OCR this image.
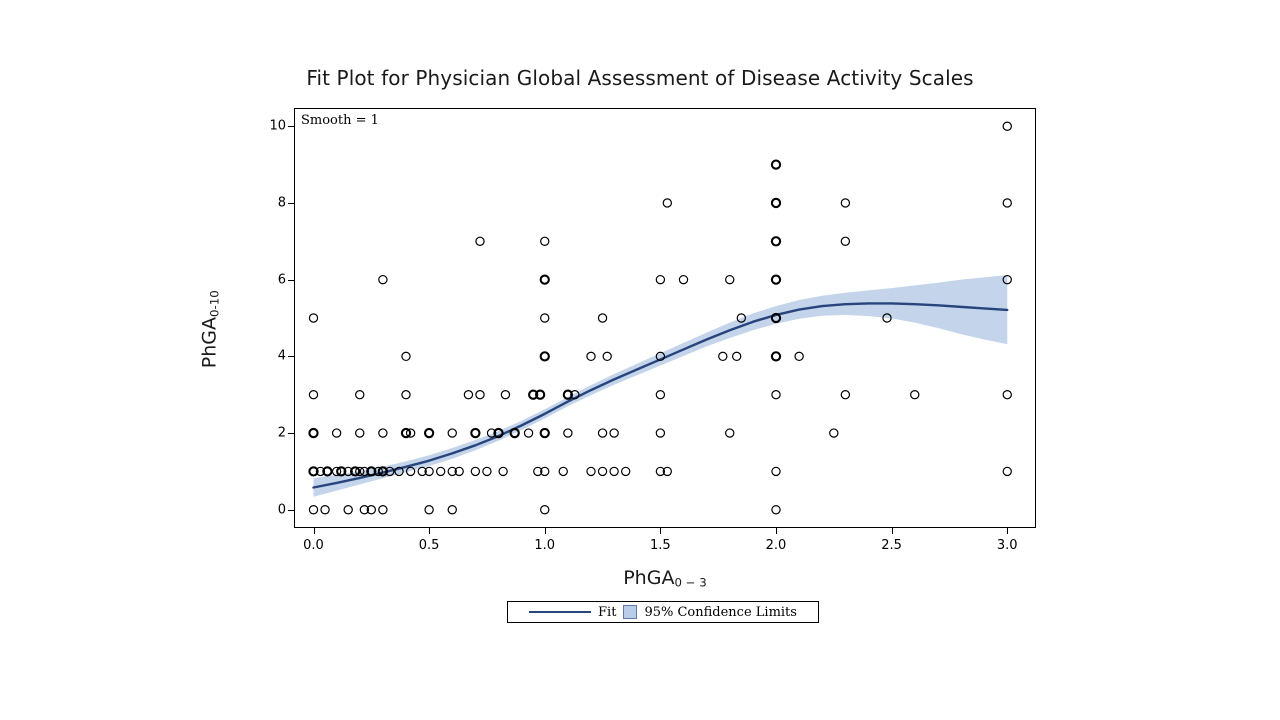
Fit Plot for Physician Global Assessment of Disease Activity Scales
Smooth = 1
0
2
4
6
8
10
0.0	0.5	1.0	1.5	2.0	2.5	3.0
PhGA$_{0-10}$
PhGA$_{0 - 3}$
Fit 95% Confidence Limits
